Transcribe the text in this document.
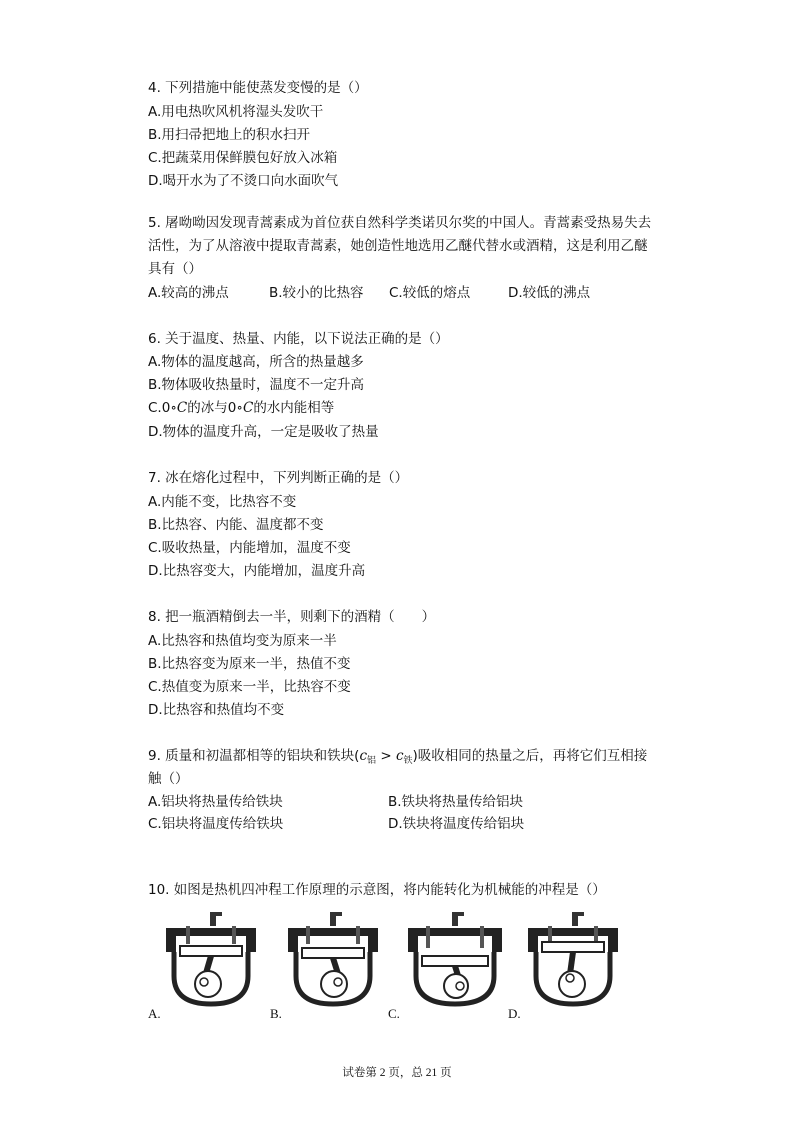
4. 下列措施中能使蒸发变慢的是（）
A.用电热吹风机将湿头发吹干
B.用扫帚把地上的积水扫开
C.把蔬菜用保鲜膜包好放入冰箱
D.喝开水为了不烫口向水面吹气
5. 屠呦呦因发现青蒿素成为首位获自然科学类诺贝尔奖的中国人。青蒿素受热易失去
活性，为了从溶液中提取青蒿素，她创造性地选用乙醚代替水或酒精，这是利用乙醚
具有（）
A.较高的沸点	B.较小的比热容 C.较低的熔点	D.较低的沸点
6. 关于温度、热量、内能，以下说法正确的是（）
A.物体的温度越高，所含的热量越多
B.物体吸收热量时，温度不一定升高
C.0∘C的冰与0∘C的水内能相等
D.物体的温度升高，一定是吸收了热量
7. 冰在熔化过程中，下列判断正确的是（）
A.内能不变，比热容不变
B.比热容、内能、温度都不变
C.吸收热量，内能增加，温度不变
D.比热容变大，内能增加，温度升高
8. 把一瓶酒精倒去一半，则剩下的酒精（　　）
A.比热容和热值均变为原来一半
B.比热容变为原来一半，热值不变
C.热值变为原来一半，比热容不变
D.比热容和热值均不变
9. 质量和初温都相等的铝块和铁块$(c_铝 > c_铁)$吸收相同的热量之后，再将它们互相接
触（）
A.铝块将热量传给铁块	B.铁块将热量传给铝块
C.铝块将温度传给铁块	D.铁块将温度传给铝块
10. 如图是热机四冲程工作原理的示意图，将内能转化为机械能的冲程是（）
A.	B.	C.	D.
试卷第 2 页，总 21 页
